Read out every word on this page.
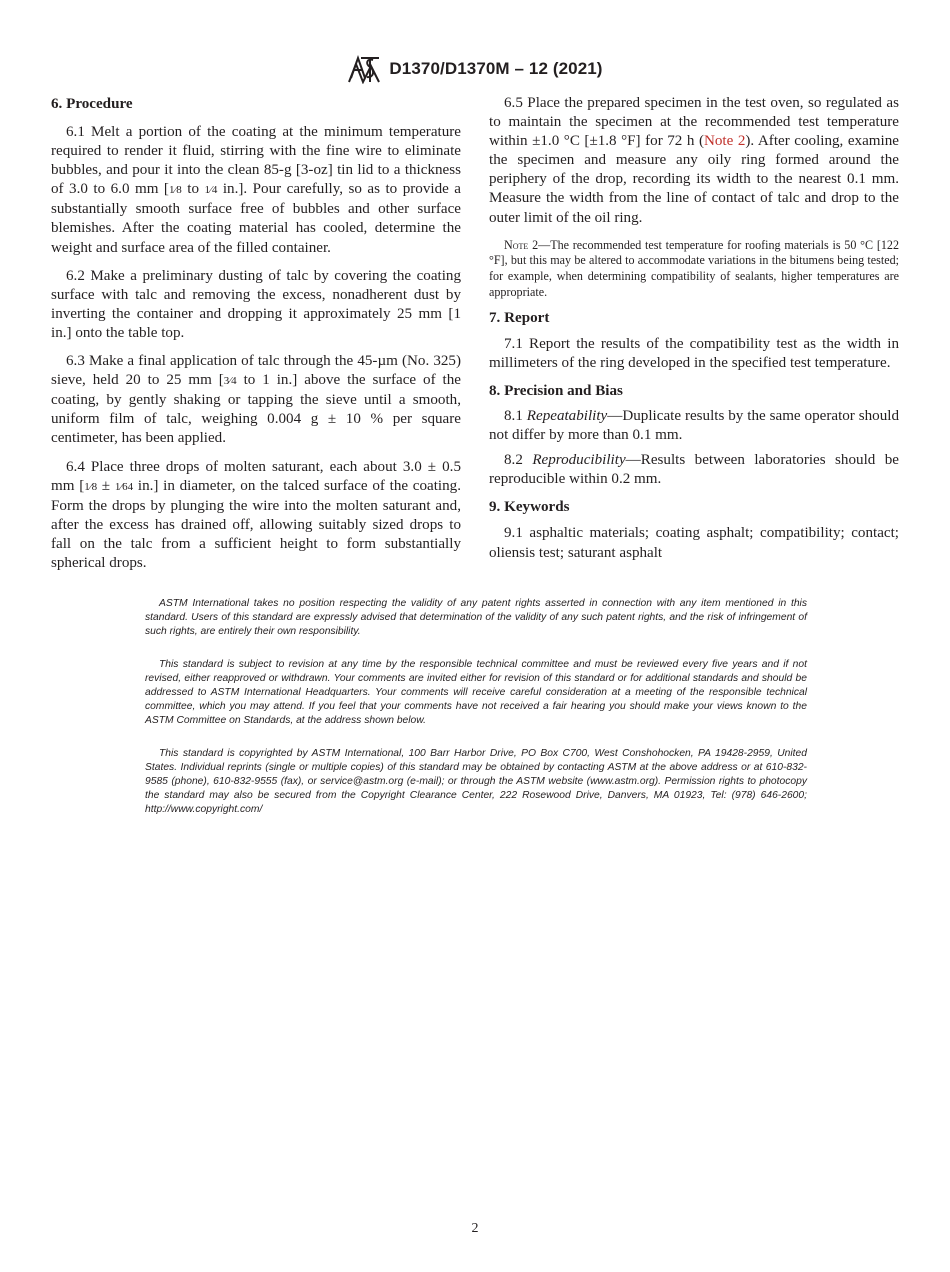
D1370/D1370M – 12 (2021)

6. Procedure

6.1 Melt a portion of the coating at the minimum temperature required to render it fluid, stirring with the fine wire to eliminate bubbles, and pour it into the clean 85-g [3-oz] tin lid to a thickness of 3.0 to 6.0 mm [1⁄8 to 1⁄4 in.]. Pour carefully, so as to provide a substantially smooth surface free of bubbles and other surface blemishes. After the coating material has cooled, determine the weight and surface area of the filled container.

6.2 Make a preliminary dusting of talc by covering the coating surface with talc and removing the excess, nonadherent dust by inverting the container and dropping it approximately 25 mm [1 in.] onto the table top.

6.3 Make a final application of talc through the 45-µm (No. 325) sieve, held 20 to 25 mm [3⁄4 to 1 in.] above the surface of the coating, by gently shaking or tapping the sieve until a smooth, uniform film of talc, weighing 0.004 g ± 10 % per square centimeter, has been applied.

6.4 Place three drops of molten saturant, each about 3.0 ± 0.5 mm [1⁄8 ± 1⁄64 in.] in diameter, on the talced surface of the coating. Form the drops by plunging the wire into the molten saturant and, after the excess has drained off, allowing suitably sized drops to fall on the talc from a sufficient height to form substantially spherical drops.

6.5 Place the prepared specimen in the test oven, so regulated as to maintain the specimen at the recommended test temperature within ±1.0 °C [±1.8 °F] for 72 h (Note 2). After cooling, examine the specimen and measure any oily ring formed around the periphery of the drop, recording its width to the nearest 0.1 mm. Measure the width from the line of contact of talc and drop to the outer limit of the oil ring.

Note 2—The recommended test temperature for roofing materials is 50 °C [122 °F], but this may be altered to accommodate variations in the bitumens being tested; for example, when determining compatibility of sealants, higher temperatures are appropriate.

7. Report

7.1 Report the results of the compatibility test as the width in millimeters of the ring developed in the specified test temperature.

8. Precision and Bias

8.1 Repeatability—Duplicate results by the same operator should not differ by more than 0.1 mm.

8.2 Reproducibility—Results between laboratories should be reproducible within 0.2 mm.

9. Keywords

9.1 asphaltic materials; coating asphalt; compatibility; contact; oliensis test; saturant asphalt

ASTM International takes no position respecting the validity of any patent rights asserted in connection with any item mentioned in this standard. Users of this standard are expressly advised that determination of the validity of any such patent rights, and the risk of infringement of such rights, are entirely their own responsibility.

This standard is subject to revision at any time by the responsible technical committee and must be reviewed every five years and if not revised, either reapproved or withdrawn. Your comments are invited either for revision of this standard or for additional standards and should be addressed to ASTM International Headquarters. Your comments will receive careful consideration at a meeting of the responsible technical committee, which you may attend. If you feel that your comments have not received a fair hearing you should make your views known to the ASTM Committee on Standards, at the address shown below.

This standard is copyrighted by ASTM International, 100 Barr Harbor Drive, PO Box C700, West Conshohocken, PA 19428-2959, United States. Individual reprints (single or multiple copies) of this standard may be obtained by contacting ASTM at the above address or at 610-832-9585 (phone), 610-832-9555 (fax), or service@astm.org (e-mail); or through the ASTM website (www.astm.org). Permission rights to photocopy the standard may also be secured from the Copyright Clearance Center, 222 Rosewood Drive, Danvers, MA 01923, Tel: (978) 646-2600; http://www.copyright.com/

2
